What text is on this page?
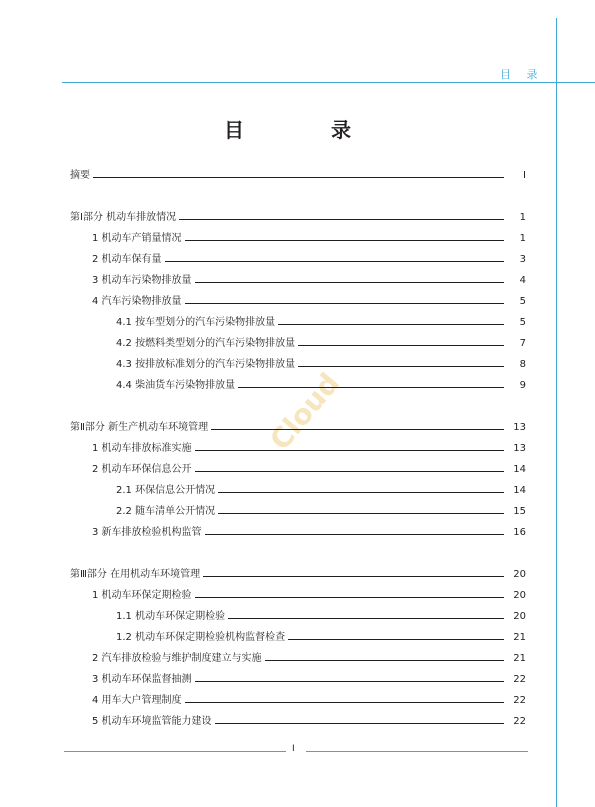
目 录
目 录
Cloud
摘要	I
第Ⅰ部分 机动车排放情况	1
1 机动车产销量情况	1
2 机动车保有量	3
3 机动车污染物排放量	4
4 汽车污染物排放量	5
4.1 按车型划分的汽车污染物排放量	5
4.2 按燃料类型划分的汽车污染物排放量	7
4.3 按排放标准划分的汽车污染物排放量	8
4.4 柴油货车污染物排放量	9
第Ⅱ部分 新生产机动车环境管理	13
1 机动车排放标准实施	13
2 机动车环保信息公开	14
2.1 环保信息公开情况	14
2.2 随车清单公开情况	15
3 新车排放检验机构监管	16
第Ⅲ部分 在用机动车环境管理	20
1 机动车环保定期检验	20
1.1 机动车环保定期检验	20
1.2 机动车环保定期检验机构监督检查	21
2 汽车排放检验与维护制度建立与实施	21
3 机动车环保监督抽测	22
4 用车大户管理制度	22
5 机动车环境监管能力建设	22
I
